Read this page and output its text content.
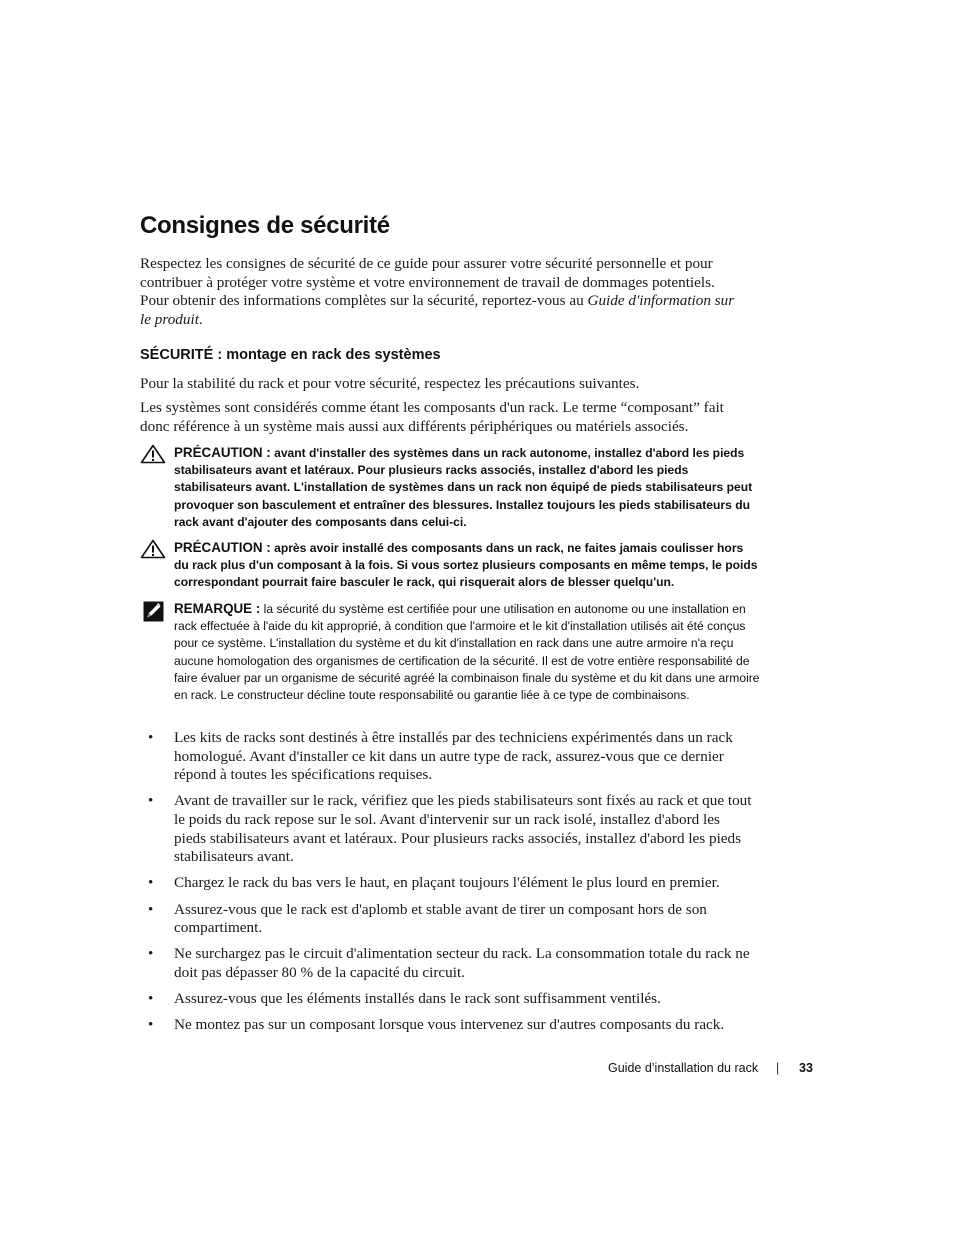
Consignes de sécurité

Respectez les consignes de sécurité de ce guide pour assurer votre sécurité personnelle et pour contribuer à protéger votre système et votre environnement de travail de dommages potentiels. Pour obtenir des informations complètes sur la sécurité, reportez-vous au Guide d'information sur le produit.

SÉCURITÉ : montage en rack des systèmes

Pour la stabilité du rack et pour votre sécurité, respectez les précautions suivantes.

Les systèmes sont considérés comme étant les composants d'un rack. Le terme “composant” fait donc référence à un système mais aussi aux différents périphériques ou matériels associés.

PRÉCAUTION : avant d'installer des systèmes dans un rack autonome, installez d'abord les pieds stabilisateurs avant et latéraux. Pour plusieurs racks associés, installez d'abord les pieds stabilisateurs avant. L'installation de systèmes dans un rack non équipé de pieds stabilisateurs peut provoquer son basculement et entraîner des blessures. Installez toujours les pieds stabilisateurs du rack avant d'ajouter des composants dans celui-ci.
PRÉCAUTION : après avoir installé des composants dans un rack, ne faites jamais coulisser hors du rack plus d'un composant à la fois. Si vous sortez plusieurs composants en même temps, le poids correspondant pourrait faire basculer le rack, qui risquerait alors de blesser quelqu'un.
REMARQUE : la sécurité du système est certifiée pour une utilisation en autonome ou une installation en rack effectuée à l'aide du kit approprié, à condition que l'armoire et le kit d'installation utilisés ait été conçus pour ce système. L'installation du système et du kit d'installation en rack dans une autre armoire n'a reçu aucune homologation des organismes de certification de la sécurité. Il est de votre entière responsabilité de faire évaluer par un organisme de sécurité agréé la combinaison finale du système et du kit dans une armoire en rack. Le constructeur décline toute responsabilité ou garantie liée à ce type de combinaisons.
• Les kits de racks sont destinés à être installés par des techniciens expérimentés dans un rack homologué. Avant d'installer ce kit dans un autre type de rack, assurez-vous que ce dernier répond à toutes les spécifications requises.
• Avant de travailler sur le rack, vérifiez que les pieds stabilisateurs sont fixés au rack et que tout le poids du rack repose sur le sol. Avant d'intervenir sur un rack isolé, installez d'abord les pieds stabilisateurs avant et latéraux. Pour plusieurs racks associés, installez d'abord les pieds stabilisateurs avant.
• Chargez le rack du bas vers le haut, en plaçant toujours l'élément le plus lourd en premier.
• Assurez-vous que le rack est d'aplomb et stable avant de tirer un composant hors de son compartiment.
• Ne surchargez pas le circuit d'alimentation secteur du rack. La consommation totale du rack ne doit pas dépasser 80 % de la capacité du circuit.
• Assurez-vous que les éléments installés dans le rack sont suffisamment ventilés.
• Ne montez pas sur un composant lorsque vous intervenez sur d'autres composants du rack.
Guide d’installation du rack | 33
